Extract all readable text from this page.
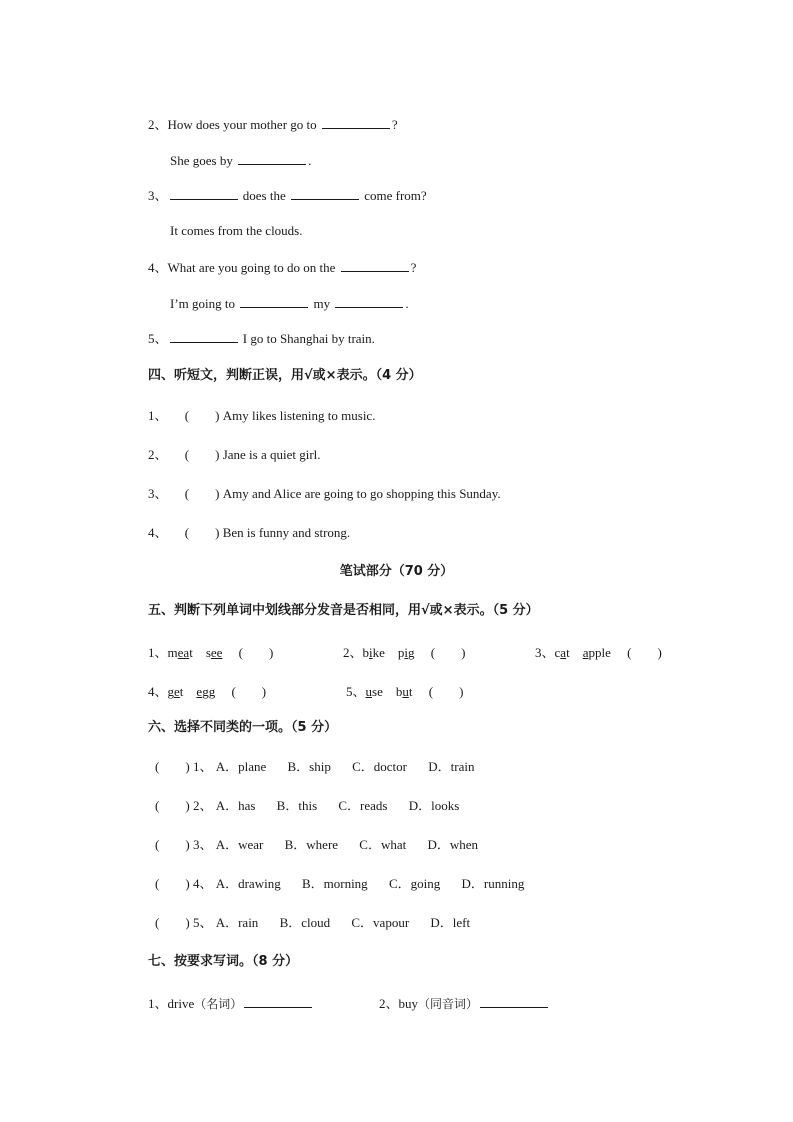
2、How does your mother go to	?
She goes by	.
3、	does the	come from?
It comes from the clouds.
4、What are you going to do on the	?
I’m going to	my	.
5、	I go to Shanghai by train.
四、听短文，判断正误，用√或×表示。（4 分）
1、 ( ) Amy likes listening to music.
2、 ( ) Jane is a quiet girl.
3、 ( ) Amy and Alice are going to go shopping this Sunday.
4、 ( ) Ben is funny and strong.
笔试部分（70 分）
五、判断下列单词中划线部分发音是否相同，用√或×表示。（5 分）
1、meat see ( )	2、bike pig ( )	3、cat apple ( )
4、get egg ( )	5、use but ( )
六、选择不同类的一项。（5 分）
( ) 1、 A．plane B．ship C．doctor D．train
( ) 2、 A．has B．this C．reads D．looks
( ) 3、 A．wear B．where C．what D．when
( ) 4、 A．drawing B．morning C．going D．running
( ) 5、 A．rain B．cloud C．vapour D．left
七、按要求写词。（8 分）
1、drive（名词）	2、buy（同音词）
